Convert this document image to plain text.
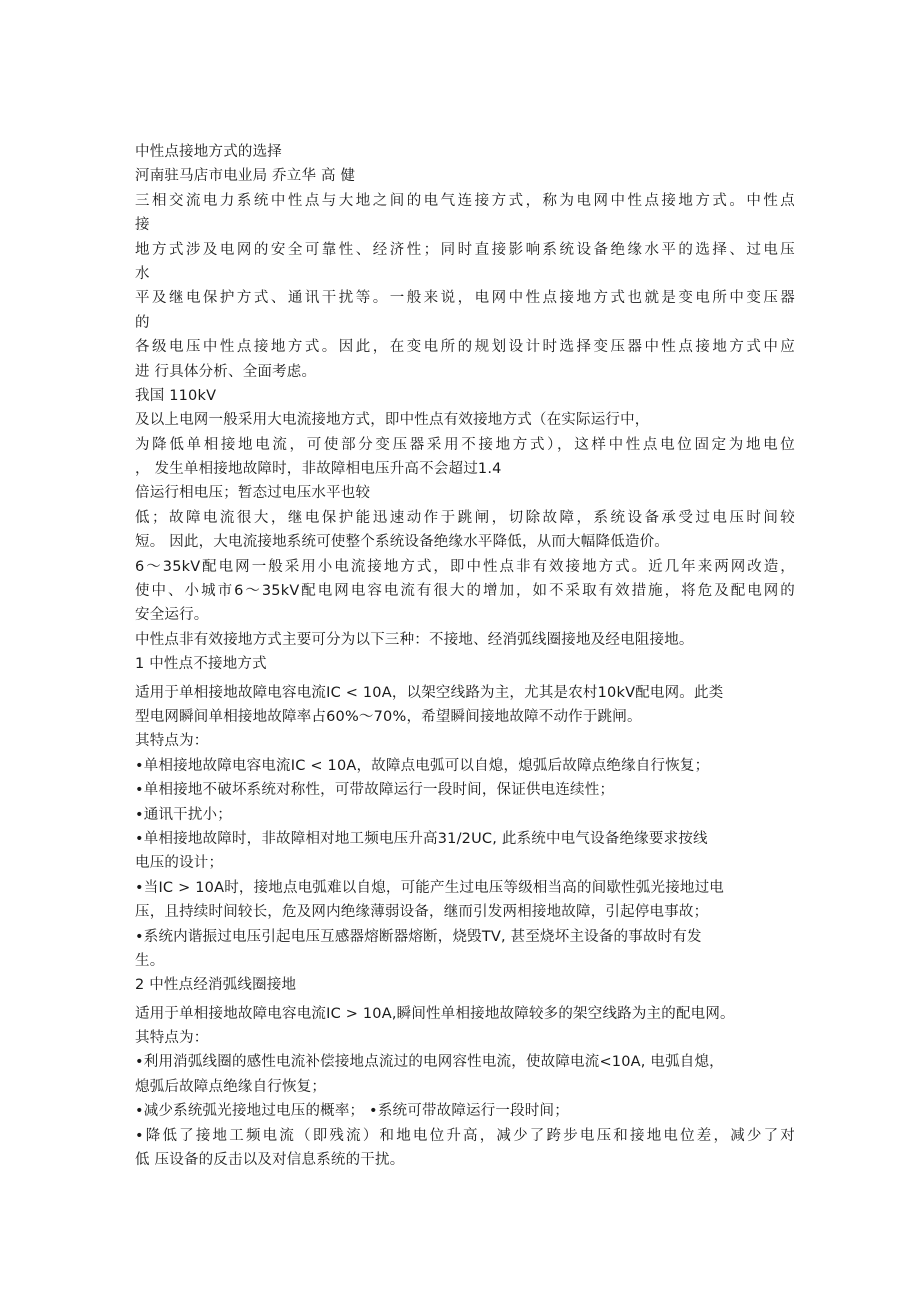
中性点接地方式的选择
河南驻马店市电业局 乔立华 高 健
三相交流电力系统中性点与大地之间的电气连接方式，称为电网中性点接地方式。中性点
接
地方式涉及电网的安全可靠性、经济性；同时直接影响系统设备绝缘水平的选择、过电压
水
平及继电保护方式、通讯干扰等。一般来说，电网中性点接地方式也就是变电所中变压器
的
各级电压中性点接地方式。因此，在变电所的规划设计时选择变压器中性点接地方式中应
进 行具体分析、全面考虑。
我国 110kV
及以上电网一般采用大电流接地方式，即中性点有效接地方式（在实际运行中，
为降低单相接地电流，可使部分变压器采用不接地方式），这样中性点电位固定为地电位
， 发生单相接地故障时，非故障相电压升高不会超过1.4
倍运行相电压；暂态过电压水平也较
低；故障电流很大，继电保护能迅速动作于跳闸，切除故障，系统设备承受过电压时间较
短。 因此，大电流接地系统可使整个系统设备绝缘水平降低，从而大幅降低造价。
6～35kV配电网一般采用小电流接地方式，即中性点非有效接地方式。近几年来两网改造，
使中、小城市6～35kV配电网电容电流有很大的增加，如不采取有效措施，将危及配电网的
安全运行。
中性点非有效接地方式主要可分为以下三种：不接地、经消弧线圈接地及经电阻接地。
1 中性点不接地方式
适用于单相接地故障电容电流IC < 10A，以架空线路为主，尤其是农村10kV配电网。此类
型电网瞬间单相接地故障率占60%～70%，希望瞬间接地故障不动作于跳闸。
其特点为：
•单相接地故障电容电流IC < 10A，故障点电弧可以自熄，熄弧后故障点绝缘自行恢复；
•单相接地不破坏系统对称性，可带故障运行一段时间，保证供电连续性；
•通讯干扰小；
•单相接地故障时，非故障相对地工频电压升高31/2UC, 此系统中电气设备绝缘要求按线
电压的设计；
•当IC > 10A时，接地点电弧难以自熄，可能产生过电压等级相当高的间歇性弧光接地过电
压，且持续时间较长，危及网内绝缘薄弱设备，继而引发两相接地故障，引起停电事故；
•系统内谐振过电压引起电压互感器熔断器熔断，烧毁TV, 甚至烧坏主设备的事故时有发
生。
2 中性点经消弧线圈接地
适用于单相接地故障电容电流IC > 10A,瞬间性单相接地故障较多的架空线路为主的配电网。
其特点为：
•利用消弧线圈的感性电流补偿接地点流过的电网容性电流，使故障电流<10A, 电弧自熄，
熄弧后故障点绝缘自行恢复；
•减少系统弧光接地过电压的概率； •系统可带故障运行一段时间；
•降低了接地工频电流（即残流）和地电位升高，减少了跨步电压和接地电位差，减少了对
低 压设备的反击以及对信息系统的干扰。
